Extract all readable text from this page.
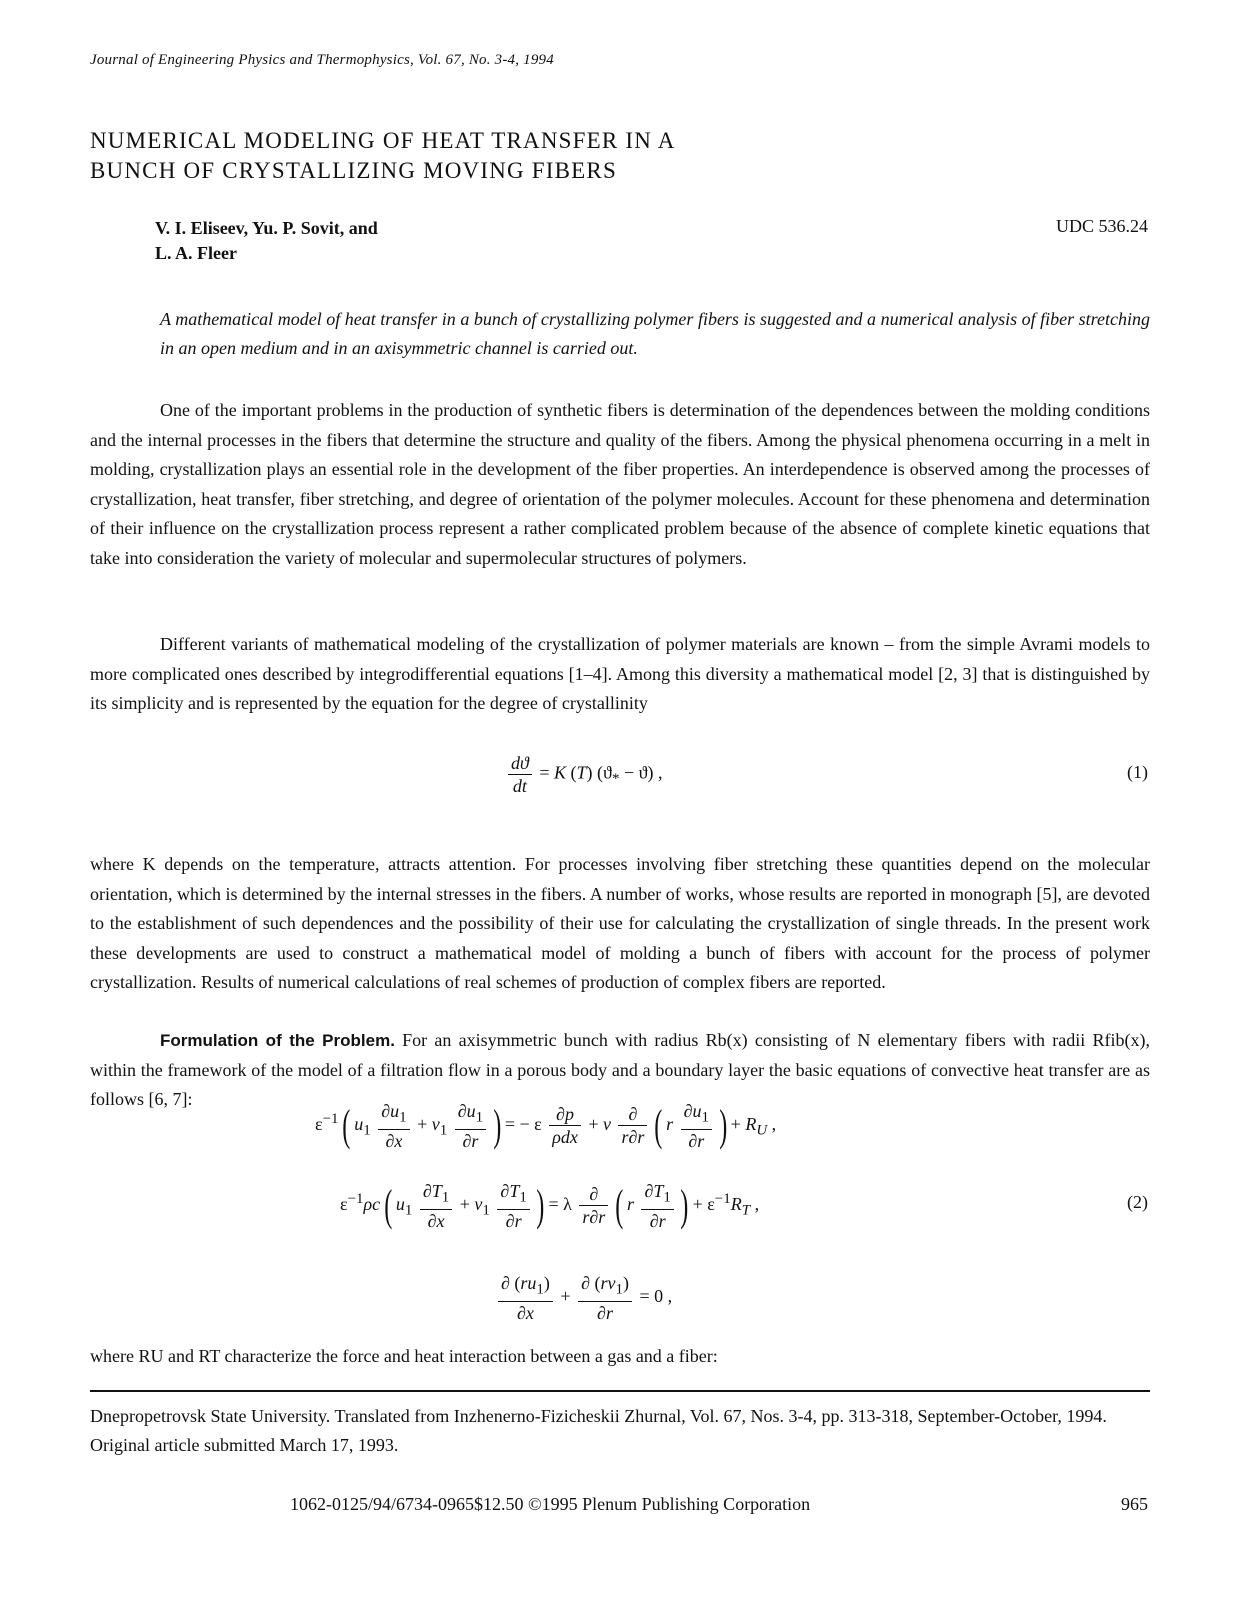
Journal of Engineering Physics and Thermophysics, Vol. 67, No. 3-4, 1994
NUMERICAL MODELING OF HEAT TRANSFER IN A
BUNCH OF CRYSTALLIZING MOVING FIBERS
V. I. Eliseev, Yu. P. Sovit, and
L. A. Fleer
UDC 536.24

A mathematical model of heat transfer in a bunch of crystallizing polymer fibers is suggested and a numerical analysis of fiber stretching in an open medium and in an axisymmetric channel is carried out.

One of the important problems in the production of synthetic fibers is determination of the dependences between the molding conditions and the internal processes in the fibers that determine the structure and quality of the fibers. Among the physical phenomena occurring in a melt in molding, crystallization plays an essential role in the development of the fiber properties. An interdependence is observed among the processes of crystallization, heat transfer, fiber stretching, and degree of orientation of the polymer molecules. Account for these phenomena and determination of their influence on the crystallization process represent a rather complicated problem because of the absence of complete kinetic equations that take into consideration the variety of molecular and supermolecular structures of polymers.

Different variants of mathematical modeling of the crystallization of polymer materials are known – from the simple Avrami models to more complicated ones described by integrodifferential equations [1–4]. Among this diversity a mathematical model [2, 3] that is distinguished by its simplicity and is represented by the equation for the degree of crystallinity

$\frac{dϑ}{dt} = K$ (T) $(ϑ_* - ϑ)$ ,	(1)

where K depends on the temperature, attracts attention. For processes involving fiber stretching these quantities depend on the molecular orientation, which is determined by the internal stresses in the fibers. A number of works, whose results are reported in monograph [5], are devoted to the establishment of such dependences and the possibility of their use for calculating the crystallization of single threads. In the present work these developments are used to construct a mathematical model of molding a bunch of fibers with account for the process of polymer crystallization. Results of numerical calculations of real schemes of production of complex fibers are reported.

Formulation of the Problem. For an axisymmetric bunch with radius Rb(x) consisting of N elementary fibers with radii Rfib(x), within the framework of the model of a filtration flow in a porous body and a boundary layer the basic equations of convective heat transfer are as follows [6, 7]:

$\varepsilon^{-1}$ ( $u_1 \frac{\partial u_1}{\partial x} + v_1 \frac{\partial u_1}{\partial r}$ ) = − ε $\frac{\partial p}{\text{ρdx}} + \nu \frac{\partial}{r\partial r}$ ( r $\frac{\partial u_1}{\partial r}$ ) + $R_U$ ,
$\varepsilon^{-1}\rho c$ ( $u_1 \frac{\partial T_1}{\partial x} + v_1 \frac{\partial T_1}{\partial r}$ ) = λ $\frac{\partial}{r\partial r}$ ( r $\frac{\partial T_1}{\partial r}$ ) + $\varepsilon^{-1}R_T$ ,	(2)
$\frac{\partial (ru_1)}{\partial x} + \frac{\partial (rv_1)}{\partial r} = 0$ ,

where RU and RT characterize the force and heat interaction between a gas and a fiber:

Dnepropetrovsk State University. Translated from Inzhenerno-Fizicheskii Zhurnal, Vol. 67, Nos. 3-4, pp. 313-318, September-October, 1994. Original article submitted March 17, 1993.

1062-0125/94/6734-0965$12.50 ©1995 Plenum Publishing Corporation	965
